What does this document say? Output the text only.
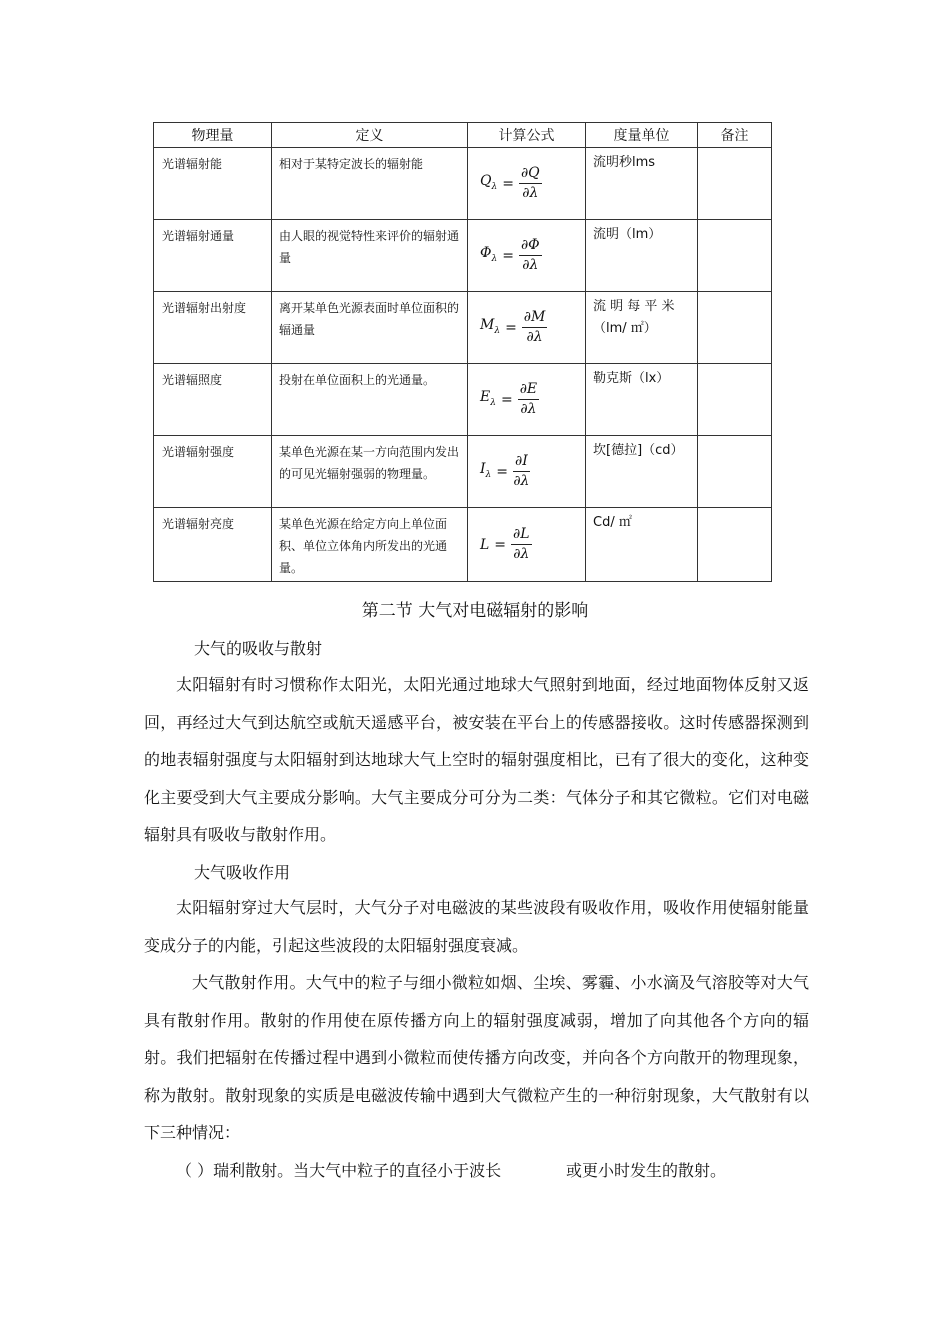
物理量	定义	计算公式	度量单位	备注
光谱辐射能	相对于某特定波长的辐射能	$Q_\lambda = \frac{\partial Q}{\partial\lambda}$	流明秒lms	
光谱辐射通量	由人眼的视觉特性来评价的辐射通量	$\Phi_\lambda = \frac{\partial\Phi}{\partial\lambda}$	流明（lm）	
光谱辐射出射度	离开某单色光源表面时单位面积的辐通量	$M_\lambda = \frac{\partial M}{\partial\lambda}$	流 明 每 平 米（lm/ ㎡）	
光谱辐照度	投射在单位面积上的光通量。	$E_\lambda = \frac{\partial E}{\partial\lambda}$	勒克斯（lx）	
光谱辐射强度	某单色光源在某一方向范围内发出的可见光辐射强弱的物理量。	$I_\lambda = \frac{\partial I}{\partial\lambda}$	坎[德拉]（cd）	
光谱辐射亮度	某单色光源在给定方向上单位面积、单位立体角内所发出的光通量。	$L = \frac{\partial L}{\partial\lambda}$	Cd/ ㎡	
第二节 大气对电磁辐射的影响
大气的吸收与散射
太阳辐射有时习惯称作太阳光，太阳光通过地球大气照射到地面，经过地面物体反射又返回，再经过大气到达航空或航天遥感平台，被安装在平台上的传感器接收。这时传感器探测到的地表辐射强度与太阳辐射到达地球大气上空时的辐射强度相比，已有了很大的变化，这种变化主要受到大气主要成分影响。大气主要成分可分为二类：气体分子和其它微粒。它们对电磁辐射具有吸收与散射作用。
大气吸收作用
太阳辐射穿过大气层时，大气分子对电磁波的某些波段有吸收作用，吸收作用使辐射能量变成分子的内能，引起这些波段的太阳辐射强度衰减。
大气散射作用。大气中的粒子与细小微粒如烟、尘埃、雾霾、小水滴及气溶胶等对大气具有散射作用。散射的作用使在原传播方向上的辐射强度减弱，增加了向其他各个方向的辐射。我们把辐射在传播过程中遇到小微粒而使传播方向改变，并向各个方向散开的物理现象，称为散射。散射现象的实质是电磁波传输中遇到大气微粒产生的一种衍射现象，大气散射有以下三种情况：
（ ）瑞利散射。当大气中粒子的直径小于波长	或更小时发生的散射。
